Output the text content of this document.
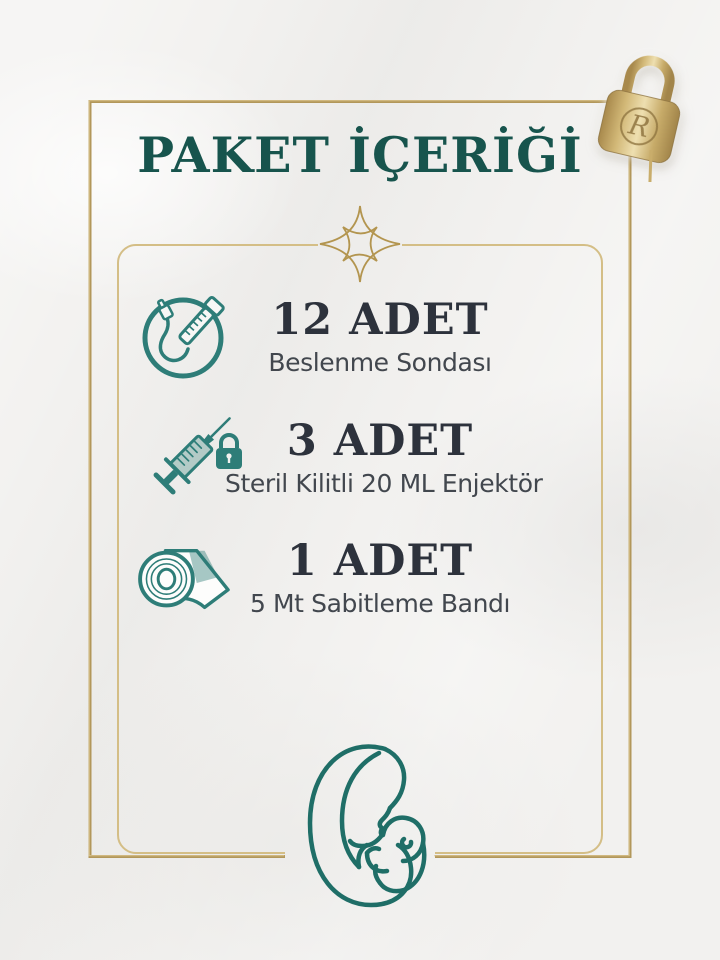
PAKET İÇERİĞİ
12 ADET
Beslenme Sondası
3 ADET
Steril Kilitli 20 ML Enjektör
1 ADET
5 Mt Sabitleme Bandı
R
